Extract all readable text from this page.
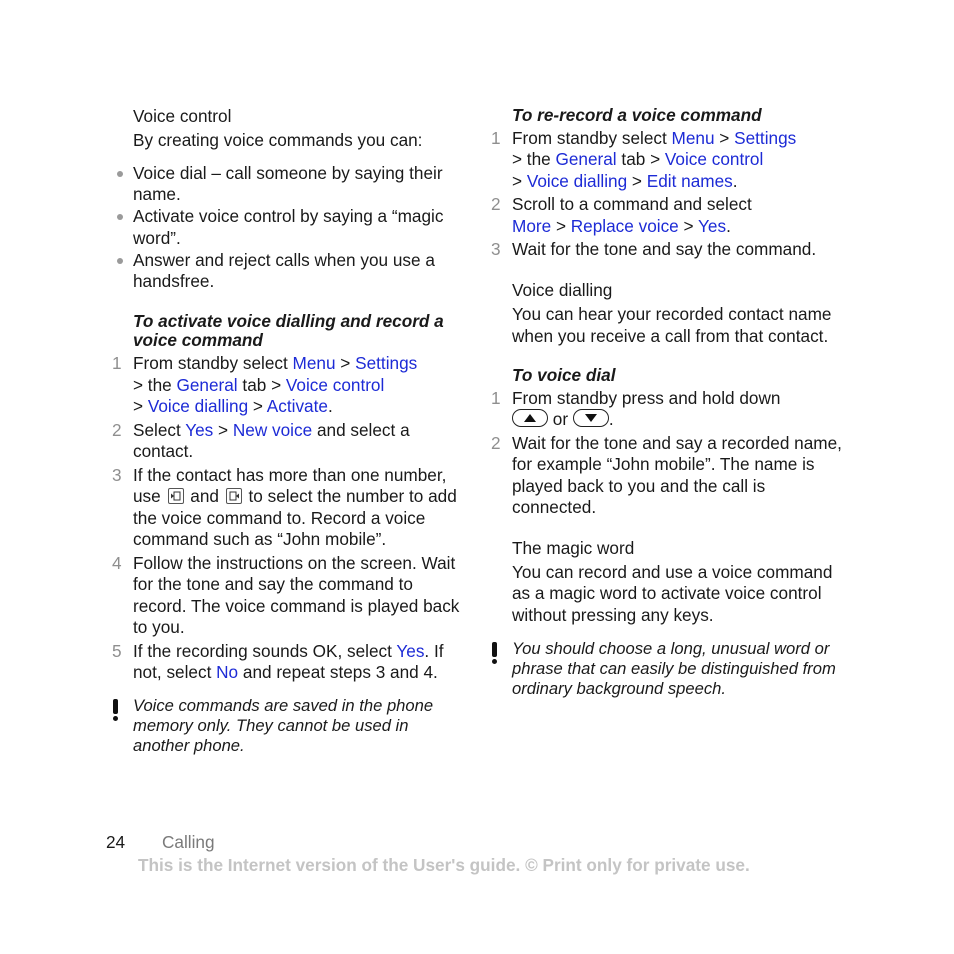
Voice control

By creating voice commands you can:

Voice dial – call someone by saying their name.
Activate voice control by saying a “magic word”.
Answer and reject calls when you use a handsfree.

To activate voice dialling and record a voice command

1 From standby select Menu > Settings
> the General tab > Voice control
> Voice dialling > Activate.
2 Select Yes > New voice and select a contact.
3 If the contact has more than one number, use
and
to select the number to add the voice command to. Record a voice command such as “John mobile”.
4 Follow the instructions on the screen. Wait for the tone and say the command to record. The voice command is played back to you.
5 If the recording sounds OK, select Yes. If not, select No and repeat steps 3 and 4.
Voice commands are saved in the phone memory only. They cannot be used in another phone.

To re-record a voice command

1 From standby select Menu > Settings
> the General tab > Voice control
> Voice dialling > Edit names.
2 Scroll to a command and select
More > Replace voice > Yes.
3 Wait for the tone and say the command.

Voice dialling

You can hear your recorded contact name when you receive a call from that contact.

To voice dial

1 From standby press and hold down

or
.
2 Wait for the tone and say a recorded name, for example “John mobile”. The name is played back to you and the call is connected.

The magic word

You can record and use a voice command as a magic word to activate voice control without pressing any keys.

You should choose a long, unusual word or phrase that can easily be distinguished from ordinary background speech.
24 Calling
This is the Internet version of the User's guide. © Print only for private use.
